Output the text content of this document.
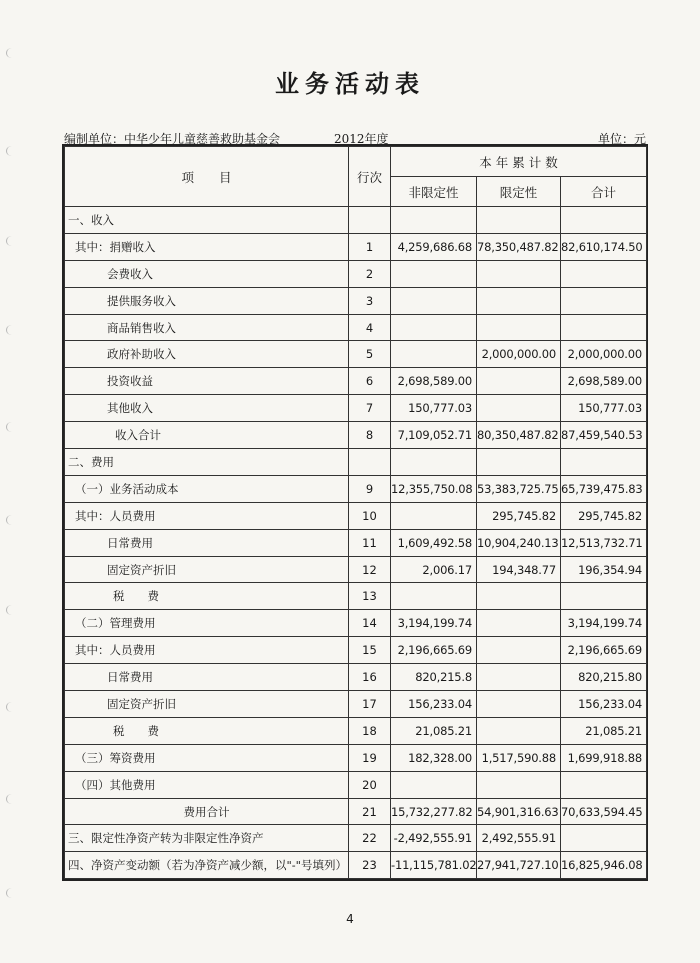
业务活动表
编制单位：中华少年儿童慈善救助基金会	2012年度	单位：元
项　　目	行次	本 年 累 计 数		
		非限定性	限定性	合计
一、收入				
其中：捐赠收入	1	4,259,686.68	78,350,487.82	82,610,174.50
会费收入	2			
提供服务收入	3			
商品销售收入	4			
政府补助收入	5		2,000,000.00	2,000,000.00
投资收益	6	2,698,589.00		2,698,589.00
其他收入	7	150,777.03		150,777.03
收入合计	8	7,109,052.71	80,350,487.82	87,459,540.53
二、费用				
（一）业务活动成本	9	12,355,750.08	53,383,725.75	65,739,475.83
其中：人员费用	10		295,745.82	295,745.82
日常费用	11	1,609,492.58	10,904,240.13	12,513,732.71
固定资产折旧	12	2,006.17	194,348.77	196,354.94
税　　费	13			
（二）管理费用	14	3,194,199.74		3,194,199.74
其中：人员费用	15	2,196,665.69		2,196,665.69
日常费用	16	820,215.8		820,215.80
固定资产折旧	17	156,233.04		156,233.04
税　　费	18	21,085.21		21,085.21
（三）筹资费用	19	182,328.00	1,517,590.88	1,699,918.88
（四）其他费用	20			
费用合计	21	15,732,277.82	54,901,316.63	70,633,594.45
三、限定性净资产转为非限定性净资产	22	-2,492,555.91	2,492,555.91	
四、净资产变动额（若为净资产减少额，以"-"号填列）	23	-11,115,781.02	27,941,727.10	16,825,946.08
4
